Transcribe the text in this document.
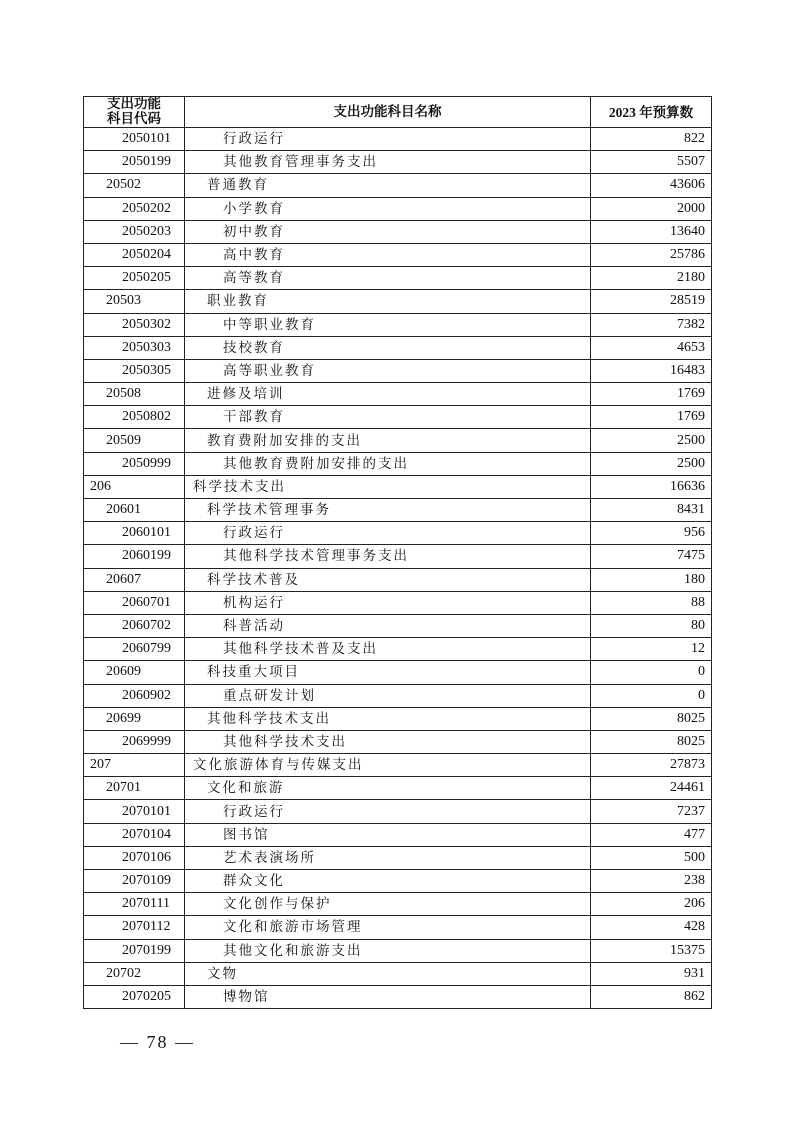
支出功能
科目代码	支出功能科目名称	2023 年预算数
2050101	行政运行	822
2050199	其他教育管理事务支出	5507
20502	普通教育	43606
2050202	小学教育	2000
2050203	初中教育	13640
2050204	高中教育	25786
2050205	高等教育	2180
20503	职业教育	28519
2050302	中等职业教育	7382
2050303	技校教育	4653
2050305	高等职业教育	16483
20508	进修及培训	1769
2050802	干部教育	1769
20509	教育费附加安排的支出	2500
2050999	其他教育费附加安排的支出	2500
206	科学技术支出	16636
20601	科学技术管理事务	8431
2060101	行政运行	956
2060199	其他科学技术管理事务支出	7475
20607	科学技术普及	180
2060701	机构运行	88
2060702	科普活动	80
2060799	其他科学技术普及支出	12
20609	科技重大项目	0
2060902	重点研发计划	0
20699	其他科学技术支出	8025
2069999	其他科学技术支出	8025
207	文化旅游体育与传媒支出	27873
20701	文化和旅游	24461
2070101	行政运行	7237
2070104	图书馆	477
2070106	艺术表演场所	500
2070109	群众文化	238
2070111	文化创作与保护	206
2070112	文化和旅游市场管理	428
2070199	其他文化和旅游支出	15375
20702	文物	931
2070205	博物馆	862
— 78 —
